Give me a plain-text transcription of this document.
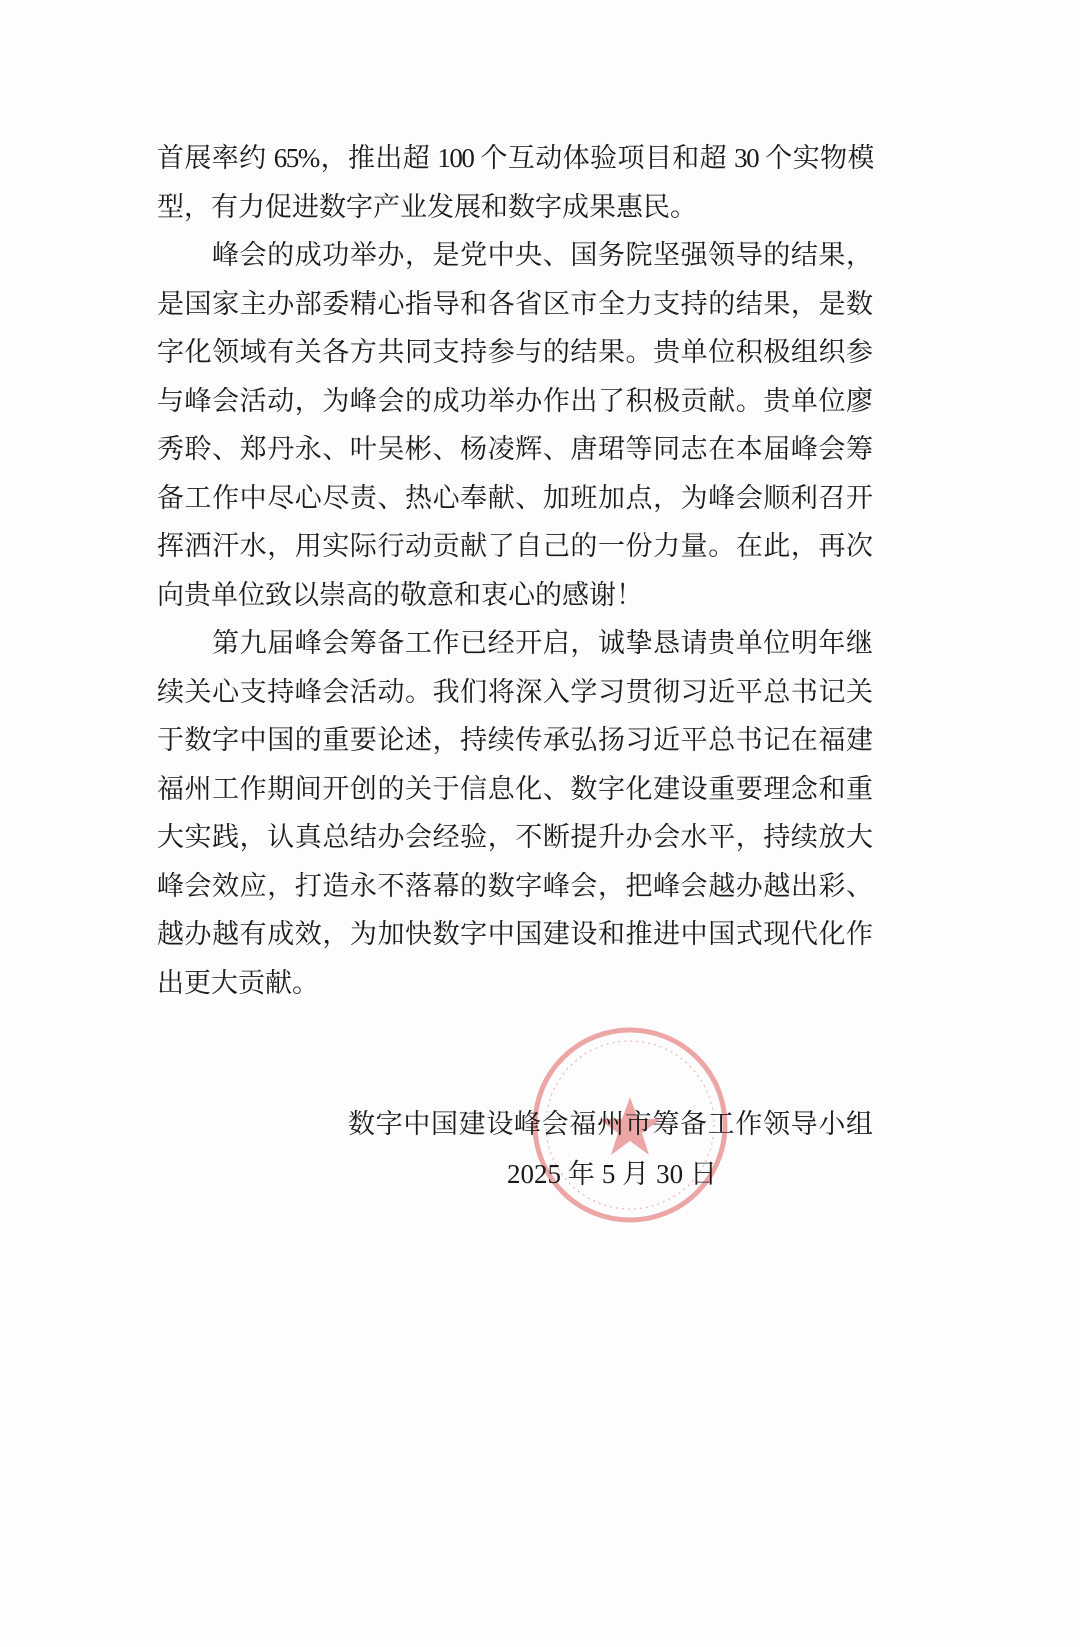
首展率约 65%，推出超 100 个互动体验项目和超 30 个实物模
型，有力促进数字产业发展和数字成果惠民。
峰会的成功举办，是党中央、国务院坚强领导的结果，
是国家主办部委精心指导和各省区市全力支持的结果，是数
字化领域有关各方共同支持参与的结果。贵单位积极组织参
与峰会活动，为峰会的成功举办作出了积极贡献。贵单位廖
秀聆、郑丹永、叶吴彬、杨凌辉、唐珺等同志在本届峰会筹
备工作中尽心尽责、热心奉献、加班加点，为峰会顺利召开
挥洒汗水，用实际行动贡献了自己的一份力量。在此，再次
向贵单位致以崇高的敬意和衷心的感谢！
第九届峰会筹备工作已经开启，诚挚恳请贵单位明年继
续关心支持峰会活动。我们将深入学习贯彻习近平总书记关
于数字中国的重要论述，持续传承弘扬习近平总书记在福建
福州工作期间开创的关于信息化、数字化建设重要理念和重
大实践，认真总结办会经验，不断提升办会水平，持续放大
峰会效应，打造永不落幕的数字峰会，把峰会越办越出彩、
越办越有成效，为加快数字中国建设和推进中国式现代化作
出更大贡献。
数字中国建设峰会福州市筹备工作领导小组
2025 年 5 月 30 日
